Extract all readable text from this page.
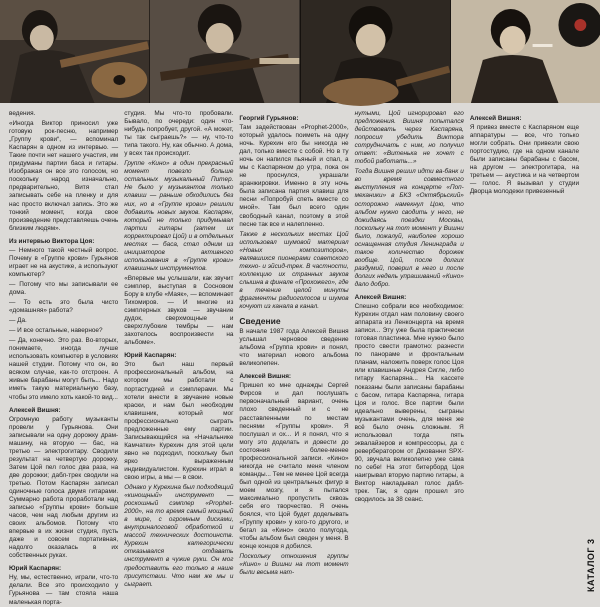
ведения.

«Иногда Виктор приносил уже готовую рок-песню, например „Группу крови“, — вспоминал Каспарян в одном из интервью. — Такие почти нет нашего участия, им придуманы партии баса и гитары. Изображая он все это голосом, но поскольку народ изначально, предварительно, Витя стал записывать себе на пленку и для нас просто включал запись. Это же тонкий момент, когда свое произведение представляешь очень близким людям».

Из интервью Виктора Цоя:

— Немного такой честный вопрос. Почему в «Группе крови» Гурьянов играет не на акустике, а используют компьютер?

— Потому что мы записывали ее дома.

— То есть это была чисто «домашняя» работа?

— Да.

— И все остальные, наверное?

— Да, конечно. Это раз. Во-вторых, понимаете, иногда лучше использовать компьютер в условиях нашей студии. Потому что он, во всяком случае, как-то отстроен. А живые барабаны могут быть... Надо иметь такую материальную базу, чтобы это имело хоть какой-то вид...

Алексей Вишня:

Огромную работу музыканты провели у Гурьянова. Они записывали на одну дорожку драм-машину, на вторую — бас, на третью — электрогитару. Сводили результат на четвертую дорожку. Затем Цой пел голос два раза, на две дорожки; дабл-трек сводили на третью. Потом Каспарян записал одиночные голоса двумя гитарами. Суммарно работа проработали над записью «Группы крови» больше часов, чем над любым другим из своих альбомов. Потому что впервые в их жизни студия, пусть даже и совсем портативная, надолго оказалась в их собственных руках.

Юрий Каспарян:

Ну, мы, естественно, играли, что-то делали. Все это происходило у Гурьянова — там стояла наша маленькая порта-

студия. Мы что-то пробовали. Бывало, по очереди: один что-нибудь попробует, другой. «А может, ты так сыграешь?» — ну, что-то типа такого. Ну, как обычно. А дома, у всех так происходит.

Группе «Кино» в один прекрасный момент повезло больше остальных музыкальный Питер. Не было у музыкантов только клавиш — раньше обходились без них, но в «Группе крови» решили добавить новых звуков. Каспарян, который не только придумывал партии гитары (затем их корректировал Цой) и в отдельных местах — баса, стал одним из инициаторов активного использования в «Группе крови» клавишных инструментов.

«Впервые мы услышали, как звучит сэмплер, выступая в Сосновом Бору в клубе «Маяк», — вспоминает Тихомиров. — И многие из сэмплерных звуков — звучание дудок, сверхмощные и сверхглубокие тембры — нам захотелось воспроизвести на альбоме».

Юрий Каспарян:

Это был наш первый профессиональный альбом, на котором мы работали с портастудией и сэмплерами. Мы хотели внести в звучание новые краски, и нам был необходим клавишник, который мог профессионально сыграть предложенные ему партии. Записывающийся на «Начальнике Камчатки» Курехин для этой цели явно не подходил, поскольку был ярко выраженным индивидуалистом. Курехин играл в свою игры, а мы — в свои.

Однако у Курехина был подходящий «кинощный» инструмент — роскошный сэмплер «Prophet-2000», на то время самый мощный в мире, с огромным дисками, внутриналоговой обработкой и массой технических достоинств. Курехин категорически отказывался отдавать инструмент в чужие руки. Он мог предоставить его только в наше присутствии. Что нам же мы и сыграет.

Георгий Гурьянов:

Там задействован «Prophet-2000», который удалось поиметь на одну ночь. Курехин его бы никогда не дал, только вместе с собой. Но в ту ночь он напился пьяный и спал, а мы с Каспаряном до утра, пока он не проснулся, украшали аранжировки. Именно в эту ночь была записана партия клавиш для песни «Попробуй спеть вместе со мной». Там был всего один свободный канал, поэтому в этой песне так все и налепленно.

Также в нескольких местах Цой использовал шумовой материал «Новых композиторов», являвшихся пионерами советского техно- и эйсид-трек. В частности, коллекцию их странных звуков слышна в финале «Прохожего», где в течение целой минуты фрагменты радиоголосов и шумов кочуют из канала в канал.

Сведение

В начале 1987 года Алексей Вишня услышал черновое сведение альбома «Группа крови» и понял, что материал нового альбома великолепен.

Алексей Вишня:

Пришел ко мне однажды Сергей Фирсов и дал послушать первоначальный вариант, очень плохо сведенный и с не расставленными по местам песнями «Группы крови». Я послушал и ох... И я понял, что я могу это доделать и довести до состояния более-менее профессиональной записи. «Кино» никогда не считало меня членом команды... Тем не менее Цой всегда был одной из центральных фигур в моем мозгу, и я пытался максимально пропустить сквозь себя его творчество. Я очень боялся, что Цой будет доделывать «Группу крови» у кого-то другого, и бегал за «Кино» около полугода, чтобы альбом был сведен у меня. В конце концов я добился.

Поскольку отношения группы «Кино» и Вишни на тот момент были весьма нат-

нутыми, Цой игнорировал его предложения. Вишня попытался действовать через Каспаряна, попросил убедить Виктора сотрудничать с ним, но получил ответ: «Витенька не хочет с тобой работать...»

Тогда Вишня решил идти ва-банк и во время совместного выступления на концерте «Поп-механики» в БКЗ «Октябрьский» осторожно намекнул Цою, что альбом нужно сводить у него, не дожидаясь поездки Москвы, поскольку на тот момент у Вишни было, пожалуй, наиболее хорошо оснащенная студия Ленинграда и такое количество дорожек вообще. Цой, после долгих раздумий, поверил в него и после долгих недель упрашиваний «Кино» дало добро.

Алексей Вишня:

Спешно собрали все необходимое: Курехин отдал нам половину своего аппарата из Ленконцерта на время записи... Эту уже была практически готовая пластинка. Мне нужно было просто свести грамотно: разнести по панораме и фронтальным планам, наложить поверх голос Цоя или клавишные Андрея Сигле, либо гитару Каспаряна... На кассете показаны были записаны барабаны с басом, гитара Каспаряна, гитара Цоя и голос. Все партии были идеально выверены, сыграны музыкантами очень, для меня же всё было очень сложным. Я использовал тогда пять эквалайзеров и компрессоры, да с ревербератором от Джованни SPX-90, звучала великолепно уже сама по себе! На этот битерборд Цоя наигрывал вторую партию гитары, а Виктор накладывал голос дабл-трек. Так, я один прошел это сводилось за 38 сеанс.

Алексей Вишня:

Я привез вместе с Каспаряном еще аппаратуры — все, что только могли собрать. Они привезли свою портостудию, где на одном канале были записаны барабаны с басом, на другом — электрогитара, на третьем — акустика и на четвертом — голос. Я вызывал у студии Дворца молодежи привезенный

КАТАЛОГ 3
